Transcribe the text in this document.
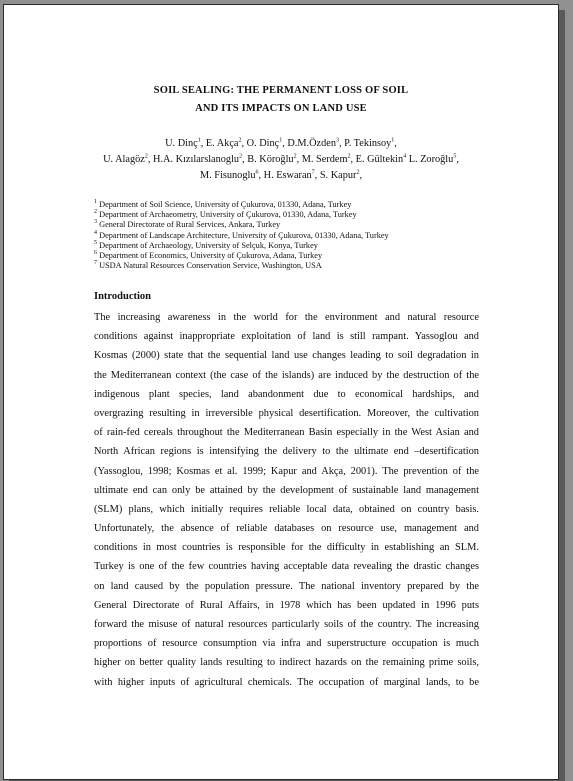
SOIL SEALING: THE PERMANENT LOSS OF SOIL
AND ITS IMPACTS ON LAND USE
U. Dinç$^1$, E. Akça$^2$, O. Dinç$^1$, D.M.Özden$^3$, P. Tekinsoy$^1$,
U. Alagöz$^2$, H.A. Kızılarslanoglu$^2$, B. Köroğlu$^2$, M. Serdem$^2$, E. Gültekin$^4$ L. Zoroğlu$^5$,
M. Fisunoglu$^6$, H. Eswaran$^7$, S. Kapur$^2$,
$^1$ Department of Soil Science, University of Çukurova, 01330, Adana, Turkey
$^2$ Department of Archaeometry, University of Çukurova, 01330, Adana, Turkey
$^3$ General Directorate of Rural Services, Ankara, Turkey
$^4$ Department of Landscape Architecture, University of Çukurova, 01330, Adana, Turkey
$^5$ Department of Archaeology, University of Selçuk, Konya, Turkey
$^6$ Department of Economics, University of Çukurova, Adana, Turkey
$^7$ USDA Natural Resources Conservation Service, Washington, USA
Introduction
The increasing awareness in the world for the environment and natural resource
conditions against inappropriate exploitation of land is still rampant. Yassoglou and
Kosmas (2000) state that the sequential land use changes leading to soil degradation in
the Mediterranean context (the case of the islands) are induced by the destruction of the
indigenous plant species, land abandonment due to economical hardships, and
overgrazing resulting in irreversible physical desertification. Moreover, the cultivation
of rain-fed cereals throughout the Mediterranean Basin especially in the West Asian and
North African regions is intensifying the delivery to the ultimate end –desertification
(Yassoglou, 1998; Kosmas et al. 1999; Kapur and Akça, 2001). The prevention of the
ultimate end can only be attained by the development of sustainable land management
(SLM) plans, which initially requires reliable local data, obtained on country basis.
Unfortunately, the absence of reliable databases on resource use, management and
conditions in most countries is responsible for the difficulty in establishing an SLM.
Turkey is one of the few countries having acceptable data revealing the drastic changes
on land caused by the population pressure. The national inventory prepared by the
General Directorate of Rural Affairs, in 1978 which has been updated in 1996 puts
forward the misuse of natural resources particularly soils of the country. The increasing
proportions of resource consumption via infra and superstructure occupation is much
higher on better quality lands resulting to indirect hazards on the remaining prime soils,
with higher inputs of agricultural chemicals. The occupation of marginal lands, to be
